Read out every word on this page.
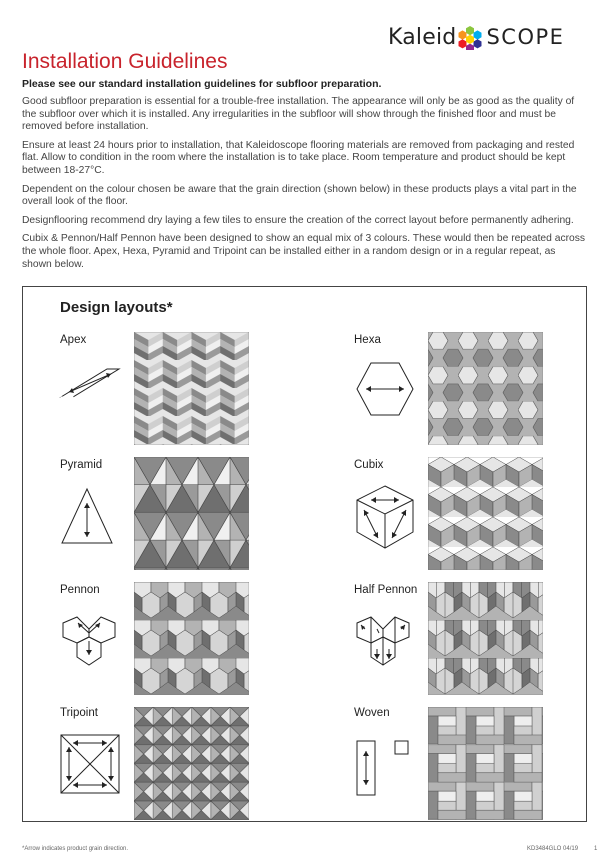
Kaleid SCOPE
Installation Guidelines

Please see our standard installation guidelines for subfloor preparation.

Good subfloor preparation is essential for a trouble-free installation. The appearance will only be as good as the quality of the subfloor over which it is installed. Any irregularities in the subfloor will show through the finished floor and must be removed before installation.

Ensure at least 24 hours prior to installation, that Kaleidoscope flooring materials are removed from packaging and rested flat. Allow to condition in the room where the installation is to take place. Room temperature and product should be kept between 18-27°C.

Dependent on the colour chosen be aware that the grain direction (shown below) in these products plays a vital part in the overall look of the floor.

Designflooring recommend dry laying a few tiles to ensure the creation of the correct layout before permanently adhering.

Cubix & Pennon/Half Pennon have been designed to show an equal mix of 3 colours. These would then be repeated across the whole floor. Apex, Hexa, Pyramid and Tripoint can be installed either in a random design or in a regular repeat, as shown below.

Design layouts*
Apex	Hexa
Pyramid	Cubix
Pennon	Half Pennon
Tripoint	Woven
*Arrow indicates product grain direction.	KD3484GLO 04/19	1
